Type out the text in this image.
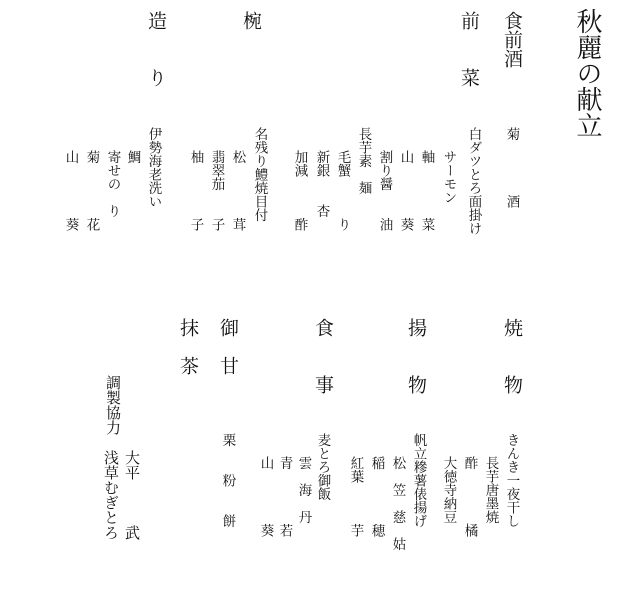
秋麗の献立
食前酒
菊　　　　酒
前　　菜
白ダツとろ面掛け
サーモン
軸　　　　菜
山　　　　葵
割り醤　　油
長芋素　麺
毛蟹　　　り
新銀　　杏
加減　　　酢
椀
名残り鱧焼目付
松　　　　茸
翡翠茄　　子
柚　　　　子
造　　り
伊勢海老洗い
鯛
寄せの　り
菊　　　　花
山　　　　葵
焼　　物
きんき一夜干し
長芋唐墨焼
酢　　　　橘
大徳寺納豆
揚　　物
帆立糝薯俵揚げ
松　笠　慈　姑
稲　　　　穂
紅葉　　　芋
食　　事
麦とろ御飯
雲　海　丹
青　　　　若
山　　　　葵
御　甘
栗　　粉　　餅
抹　茶
調製協力
大平　　　武
浅草むぎとろ
